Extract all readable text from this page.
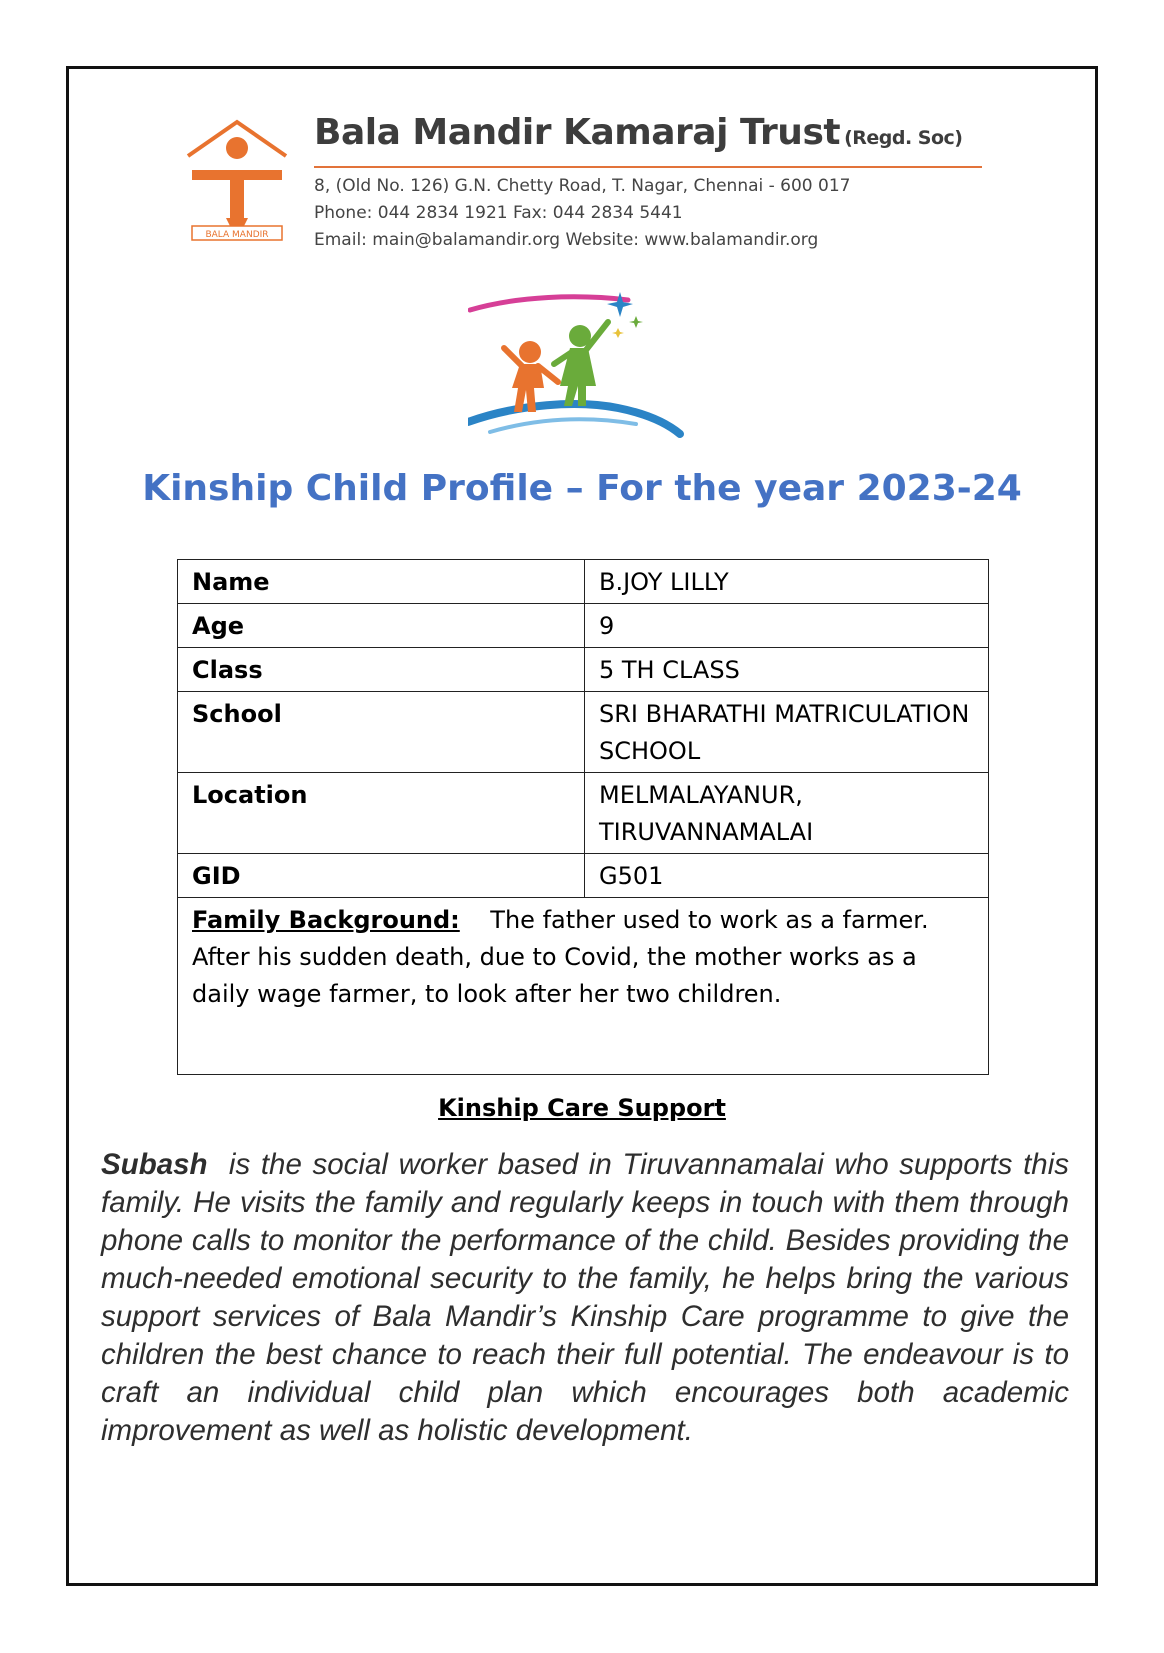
BALA MANDIR
Bala Mandir Kamaraj Trust (Regd. Soc)
8, (Old No. 126) G.N. Chetty Road, T. Nagar, Chennai - 600 017
Phone: 044 2834 1921 Fax: 044 2834 5441
Email: main@balamandir.org Website: www.balamandir.org
Kinship Child Profile – For the year 2023-24
Name	B.JOY LILLY
Age	9
Class	5 TH CLASS
School	SRI BHARATHI MATRICULATION SCHOOL
Location	MELMALAYANUR, TIRUVANNAMALAI
GID	G501
Family Background: The father used to work as a farmer. After his sudden death, due to Covid, the mother works as a daily wage farmer, to look after her two children.	
Kinship Care Support

Subash is the social worker based in Tiruvannamalai who supports this family. He visits the family and regularly keeps in touch with them through phone calls to monitor the performance of the child. Besides providing the much-needed emotional security to the family, he helps bring the various support services of Bala Mandir’s Kinship Care programme to give the children the best chance to reach their full potential. The endeavour is to craft an individual child plan which encourages both academic improvement as well as holistic development.
